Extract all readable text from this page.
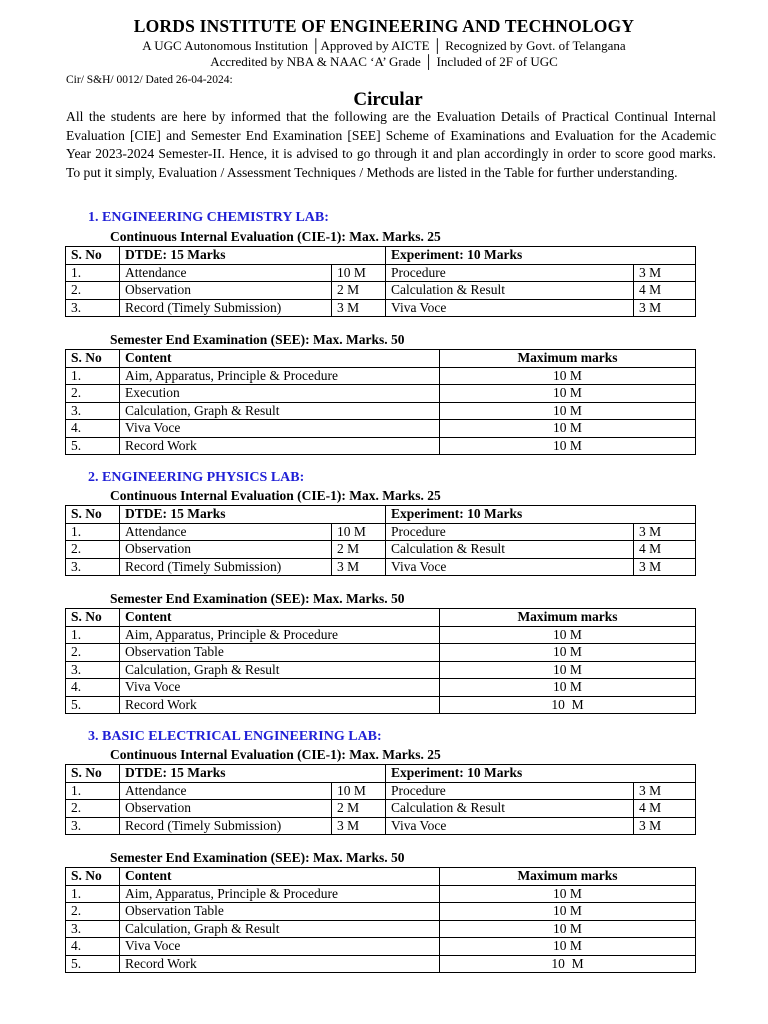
LORDS INSTITUTE OF ENGINEERING AND TECHNOLOGY
A UGC Autonomous Institution │Approved by AICTE │ Recognized by Govt. of Telangana
Accredited by NBA & NAAC ‘A’ Grade │ Included of 2F of UGC
Cir/ S&H/ 0012/ Dated 26-04-2024:
Circular
All the students are here by informed that the following are the Evaluation Details of Practical Continual Internal Evaluation [CIE] and Semester End Examination [SEE] Scheme of Examinations and Evaluation for the Academic Year 2023-2024 Semester-II. Hence, it is advised to go through it and plan accordingly in order to score good marks. To put it simply, Evaluation / Assessment Techniques / Methods are listed in the Table for further understanding.
1. ENGINEERING CHEMISTRY LAB:
Continuous Internal Evaluation (CIE-1): Max. Marks. 25
S. No	DTDE: 15 Marks		Experiment: 10 Marks	
1.	Attendance	10 M	Procedure	3 M
2.	Observation	2 M	Calculation & Result	4 M
3.	Record (Timely Submission)	3 M	Viva Voce	3 M
Semester End Examination (SEE): Max. Marks. 50
S. No	Content	Maximum marks
1.	Aim, Apparatus, Principle & Procedure	10 M
2.	Execution	10 M
3.	Calculation, Graph & Result	10 M
4.	Viva Voce	10 M
5.	Record Work	10 M
2. ENGINEERING PHYSICS LAB:
Continuous Internal Evaluation (CIE-1): Max. Marks. 25
S. No	DTDE: 15 Marks		Experiment: 10 Marks	
1.	Attendance	10 M	Procedure	3 M
2.	Observation	2 M	Calculation & Result	4 M
3.	Record (Timely Submission)	3 M	Viva Voce	3 M
Semester End Examination (SEE): Max. Marks. 50
S. No	Content	Maximum marks
1.	Aim, Apparatus, Principle & Procedure	10 M
2.	Observation Table	10 M
3.	Calculation, Graph & Result	10 M
4.	Viva Voce	10 M
5.	Record Work	10  M
3. BASIC ELECTRICAL ENGINEERING LAB:
Continuous Internal Evaluation (CIE-1): Max. Marks. 25
S. No	DTDE: 15 Marks		Experiment: 10 Marks	
1.	Attendance	10 M	Procedure	3 M
2.	Observation	2 M	Calculation & Result	4 M
3.	Record (Timely Submission)	3 M	Viva Voce	3 M
Semester End Examination (SEE): Max. Marks. 50
S. No	Content	Maximum marks
1.	Aim, Apparatus, Principle & Procedure	10 M
2.	Observation Table	10 M
3.	Calculation, Graph & Result	10 M
4.	Viva Voce	10 M
5.	Record Work	10  M
